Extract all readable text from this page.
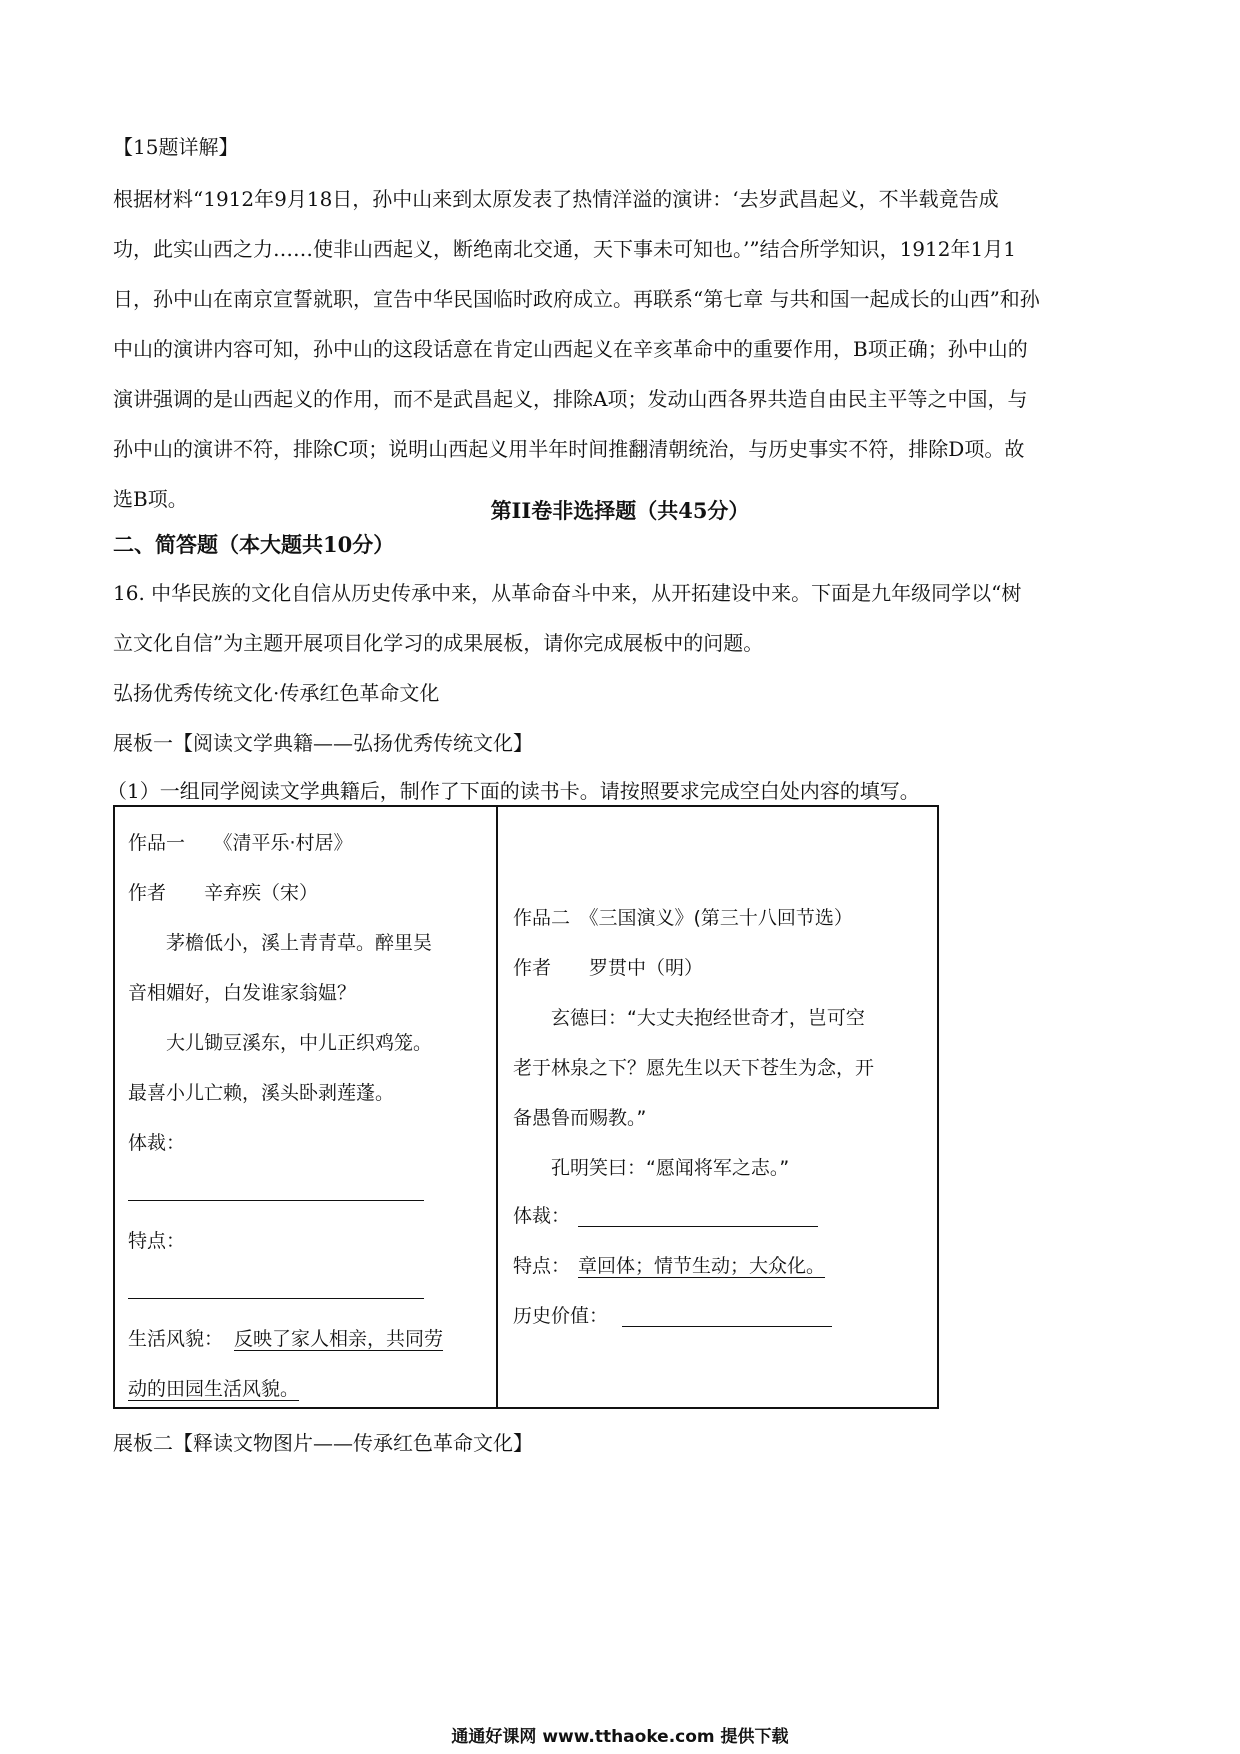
【15题详解】
根据材料“1912年9月18日，孙中山来到太原发表了热情洋溢的演讲：‘去岁武昌起义，不半载竟告成
功，此实山西之力……使非山西起义，断绝南北交通，天下事未可知也。’”结合所学知识，1912年1月1
日，孙中山在南京宣誓就职，宣告中华民国临时政府成立。再联系“第七章 与共和国一起成长的山西”和孙
中山的演讲内容可知，孙中山的这段话意在肯定山西起义在辛亥革命中的重要作用，B项正确；孙中山的
演讲强调的是山西起义的作用，而不是武昌起义，排除A项；发动山西各界共造自由民主平等之中国，与
孙中山的演讲不符，排除C项；说明山西起义用半年时间推翻清朝统治，与历史事实不符，排除D项。故
选B项。	第II卷非选择题（共45分）
二、简答题（本大题共10分）
16. 中华民族的文化自信从历史传承中来，从革命奋斗中来，从开拓建设中来。下面是九年级同学以“树
立文化自信”为主题开展项目化学习的成果展板，请你完成展板中的问题。
弘扬优秀传统文化·传承红色革命文化
展板一【阅读文学典籍——弘扬优秀传统文化】
（1）一组同学阅读文学典籍后，制作了下面的读书卡。请按照要求完成空白处内容的填写。
作品一　　《清平乐·村居》
作者　　辛弃疾（宋）
　　茅檐低小，溪上青青草。醉里吴
音相媚好，白发谁家翁媪？
　　大儿锄豆溪东，中儿正织鸡笼。
最喜小儿亡赖，溪头卧剥莲蓬。
体裁：
特点：
生活风貌： 反映了家人相亲，共同劳
动的田园生活风貌。
作品二　《三国演义》(第三十八回节选）
作者　　罗贯中（明）
　　玄德曰：“大丈夫抱经世奇才，岂可空
老于林泉之下？愿先生以天下苍生为念，开
备愚鲁而赐教。”
　　孔明笑曰：“愿闻将军之志。”
体裁：
特点： 章回体；情节生动；大众化。
历史价值：
展板二【释读文物图片——传承红色革命文化】
通通好课网 www.tthaoke.com 提供下载
